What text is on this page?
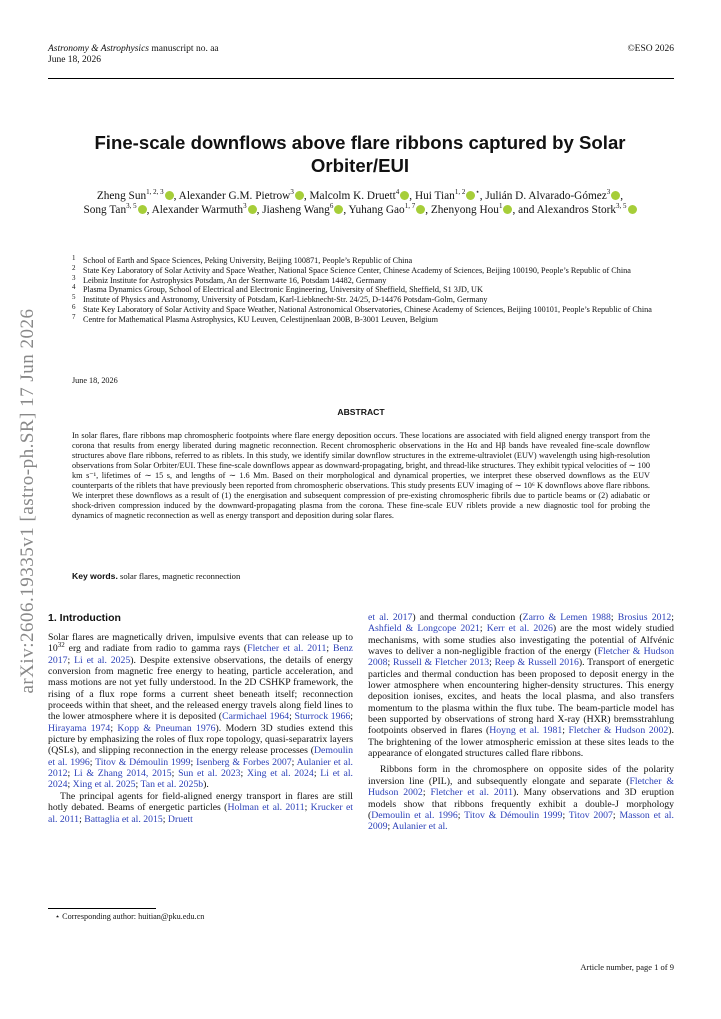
Astronomy & Astrophysics manuscript no. aa
June 18, 2026
©ESO 2026
arXiv:2606.19335v1 [astro-ph.SR] 17 Jun 2026
Fine-scale downflows above flare ribbons captured by Solar Orbiter/EUI
Zheng Sun$^{1, 2, 3}$ , Alexander G.M. Pietrow$^3$ , Malcolm K. Druett$^4$ , Hui Tian$^{1, 2}$ ⋆, Julián D. Alvarado-Gómez$^3$ ,
Song Tan$^{3, 5}$ , Alexander Warmuth$^3$ , Jiasheng Wang$^6$ , Yuhang Gao$^{1, 7}$ , Zhenyong Hou$^1$ , and Alexandros Stork$^{3, 5}$
1 School of Earth and Space Sciences, Peking University, Beijing 100871, People’s Republic of China
2 State Key Laboratory of Solar Activity and Space Weather, National Space Science Center, Chinese Academy of Sciences, Beijing 100190, People’s Republic of China
3 Leibniz Institute for Astrophysics Potsdam, An der Sternwarte 16, Potsdam 14482, Germany
4 Plasma Dynamics Group, School of Electrical and Electronic Engineering, University of Sheffield, Sheffield, S1 3JD, UK
5 Institute of Physics and Astronomy, University of Potsdam, Karl-Liebknecht-Str. 24/25, D-14476 Potsdam-Golm, Germany
6 State Key Laboratory of Solar Activity and Space Weather, National Astronomical Observatories, Chinese Academy of Sciences, Beijing 100101, People’s Republic of China
7 Centre for Mathematical Plasma Astrophysics, KU Leuven, Celestijnenlaan 200B, B-3001 Leuven, Belgium
June 18, 2026
ABSTRACT
In solar flares, flare ribbons map chromospheric footpoints where flare energy deposition occurs. These locations are associated with field aligned energy transport from the corona that results from energy liberated during magnetic reconnection. Recent chromospheric observations in the Hα and Hβ bands have revealed fine-scale downflow structures above flare ribbons, referred to as riblets. In this study, we identify similar downflow structures in the extreme-ultraviolet (EUV) wavelength using high-resolution observations from Solar Orbiter/EUI. These fine-scale downflows appear as downward-propagating, bright, and thread-like structures. They exhibit typical velocities of ∼ 100 km s⁻¹, lifetimes of ∼ 15 s, and lengths of ∼ 1.6 Mm. Based on their morphological and dynamical properties, we interpret these observed downflows as the EUV counterparts of the riblets that have previously been reported from chromospheric observations. This study presents EUV imaging of ∼ 10⁶ K downflows above flare ribbons. We interpret these downflows as a result of (1) the energisation and subsequent compression of pre-existing chromospheric fibrils due to particle beams or (2) adiabatic or shock-driven compression induced by the downward-propagating plasma from the corona. These fine-scale EUV riblets provide a new diagnostic tool for probing the dynamics of magnetic reconnection as well as energy transport and deposition during solar flares.
Key words. solar flares, magnetic reconnection
1. Introduction

Solar flares are magnetically driven, impulsive events that can release up to $10^{32}$ erg and radiate from radio to gamma rays (Fletcher et al. 2011; Benz 2017; Li et al. 2025). Despite extensive observations, the details of energy conversion from magnetic free energy to heating, particle acceleration, and mass motions are not yet fully understood. In the 2D CSHKP framework, the rising of a flux rope forms a current sheet beneath itself; reconnection proceeds within that sheet, and the released energy travels along field lines to the lower atmosphere where it is deposited (Carmichael 1964; Sturrock 1966; Hirayama 1974; Kopp & Pneuman 1976). Modern 3D studies extend this picture by emphasizing the roles of flux rope topology, quasi-separatrix layers (QSLs), and slipping reconnection in the energy release processes (Demoulin et al. 1996; Titov & Démoulin 1999; Isenberg & Forbes 2007; Aulanier et al. 2012; Li & Zhang 2014, 2015; Sun et al. 2023; Xing et al. 2024; Li et al. 2024; Xing et al. 2025; Tan et al. 2025b).

The principal agents for field-aligned energy transport in flares are still hotly debated. Beams of energetic particles (Holman et al. 2011; Krucker et al. 2011; Battaglia et al. 2015; Druett

et al. 2017) and thermal conduction (Zarro & Lemen 1988; Brosius 2012; Ashfield & Longcope 2021; Kerr et al. 2026) are the most widely studied mechanisms, with some studies also investigating the potential of Alfvénic waves to deliver a non-negligible fraction of the energy (Fletcher & Hudson 2008; Russell & Fletcher 2013; Reep & Russell 2016). Transport of energetic particles and thermal conduction has been proposed to deposit energy in the lower atmosphere when encountering higher-density structures. This energy deposition ionises, excites, and heats the local plasma, and also transfers momentum to the plasma within the flux tube. The beam-particle model has been supported by observations of strong hard X-ray (HXR) bremsstrahlung footpoints observed in flares (Hoyng et al. 1981; Fletcher & Hudson 2002). The brightening of the lower atmospheric emission at these sites leads to the appearance of elongated structures called flare ribbons.

Ribbons form in the chromosphere on opposite sides of the polarity inversion line (PIL), and subsequently elongate and separate (Fletcher & Hudson 2002; Fletcher et al. 2011). Many observations and 3D eruption models show that ribbons frequently exhibit a double-J morphology (Demoulin et al. 1996; Titov & Démoulin 1999; Titov 2007; Masson et al. 2009; Aulanier et al.

⋆ Corresponding author: huitian@pku.edu.cn
Article number, page 1 of 9
